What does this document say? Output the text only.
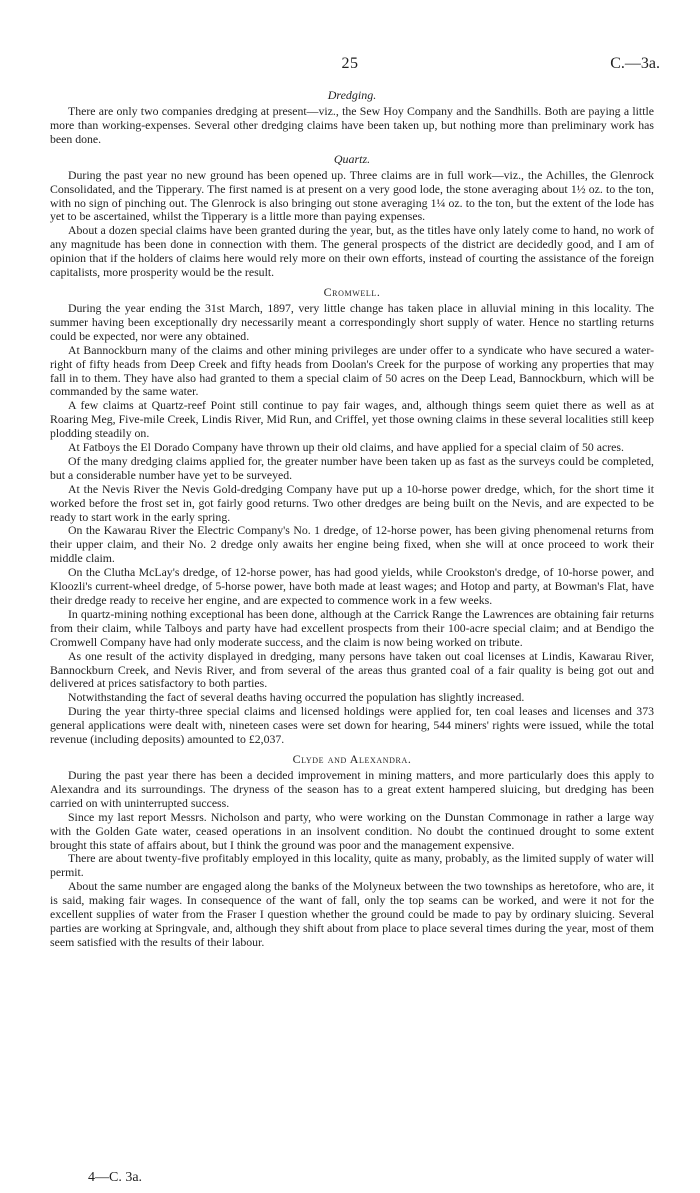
25	C.—3a.
Dredging.

There are only two companies dredging at present—viz., the Sew Hoy Company and the Sandhills. Both are paying a little more than working-expenses. Several other dredging claims have been taken up, but nothing more than preliminary work has been done.

Quartz.

During the past year no new ground has been opened up. Three claims are in full work—viz., the Achilles, the Glenrock Consolidated, and the Tipperary. The first named is at present on a very good lode, the stone averaging about 1½ oz. to the ton, with no sign of pinching out. The Glenrock is also bringing out stone averaging 1¼ oz. to the ton, but the extent of the lode has yet to be ascertained, whilst the Tipperary is a little more than paying expenses.

About a dozen special claims have been granted during the year, but, as the titles have only lately come to hand, no work of any magnitude has been done in connection with them. The general prospects of the district are decidedly good, and I am of opinion that if the holders of claims here would rely more on their own efforts, instead of courting the assistance of the foreign capitalists, more prosperity would be the result.

Cromwell.

During the year ending the 31st March, 1897, very little change has taken place in alluvial mining in this locality. The summer having been exceptionally dry necessarily meant a correspondingly short supply of water. Hence no startling returns could be expected, nor were any obtained.

At Bannockburn many of the claims and other mining privileges are under offer to a syndicate who have secured a water-right of fifty heads from Deep Creek and fifty heads from Doolan's Creek for the purpose of working any properties that may fall in to them. They have also had granted to them a special claim of 50 acres on the Deep Lead, Bannockburn, which will be commanded by the same water.

A few claims at Quartz-reef Point still continue to pay fair wages, and, although things seem quiet there as well as at Roaring Meg, Five-mile Creek, Lindis River, Mid Run, and Criffel, yet those owning claims in these several localities still keep plodding steadily on.

At Fatboys the El Dorado Company have thrown up their old claims, and have applied for a special claim of 50 acres.

Of the many dredging claims applied for, the greater number have been taken up as fast as the surveys could be completed, but a considerable number have yet to be surveyed.

At the Nevis River the Nevis Gold-dredging Company have put up a 10-horse power dredge, which, for the short time it worked before the frost set in, got fairly good returns. Two other dredges are being built on the Nevis, and are expected to be ready to start work in the early spring.

On the Kawarau River the Electric Company's No. 1 dredge, of 12-horse power, has been giving phenomenal returns from their upper claim, and their No. 2 dredge only awaits her engine being fixed, when she will at once proceed to work their middle claim.

On the Clutha McLay's dredge, of 12-horse power, has had good yields, while Crookston's dredge, of 10-horse power, and Kloozli's current-wheel dredge, of 5-horse power, have both made at least wages; and Hotop and party, at Bowman's Flat, have their dredge ready to receive her engine, and are expected to commence work in a few weeks.

In quartz-mining nothing exceptional has been done, although at the Carrick Range the Lawrences are obtaining fair returns from their claim, while Talboys and party have had excellent prospects from their 100-acre special claim; and at Bendigo the Cromwell Company have had only moderate success, and the claim is now being worked on tribute.

As one result of the activity displayed in dredging, many persons have taken out coal licenses at Lindis, Kawarau River, Bannockburn Creek, and Nevis River, and from several of the areas thus granted coal of a fair quality is being got out and delivered at prices satisfactory to both parties.

Notwithstanding the fact of several deaths having occurred the population has slightly increased.

During the year thirty-three special claims and licensed holdings were applied for, ten coal leases and licenses and 373 general applications were dealt with, nineteen cases were set down for hearing, 544 miners' rights were issued, while the total revenue (including deposits) amounted to £2,037.

Clyde and Alexandra.

During the past year there has been a decided improvement in mining matters, and more particularly does this apply to Alexandra and its surroundings. The dryness of the season has to a great extent hampered sluicing, but dredging has been carried on with uninterrupted success.

Since my last report Messrs. Nicholson and party, who were working on the Dunstan Commonage in rather a large way with the Golden Gate water, ceased operations in an insolvent condition. No doubt the continued drought to some extent brought this state of affairs about, but I think the ground was poor and the management expensive.

There are about twenty-five profitably employed in this locality, quite as many, probably, as the limited supply of water will permit.

About the same number are engaged along the banks of the Molyneux between the two townships as heretofore, who are, it is said, making fair wages. In consequence of the want of fall, only the top seams can be worked, and were it not for the excellent supplies of water from the Fraser I question whether the ground could be made to pay by ordinary sluicing. Several parties are working at Springvale, and, although they shift about from place to place several times during the year, most of them seem satisfied with the results of their labour.

4—C. 3a.
